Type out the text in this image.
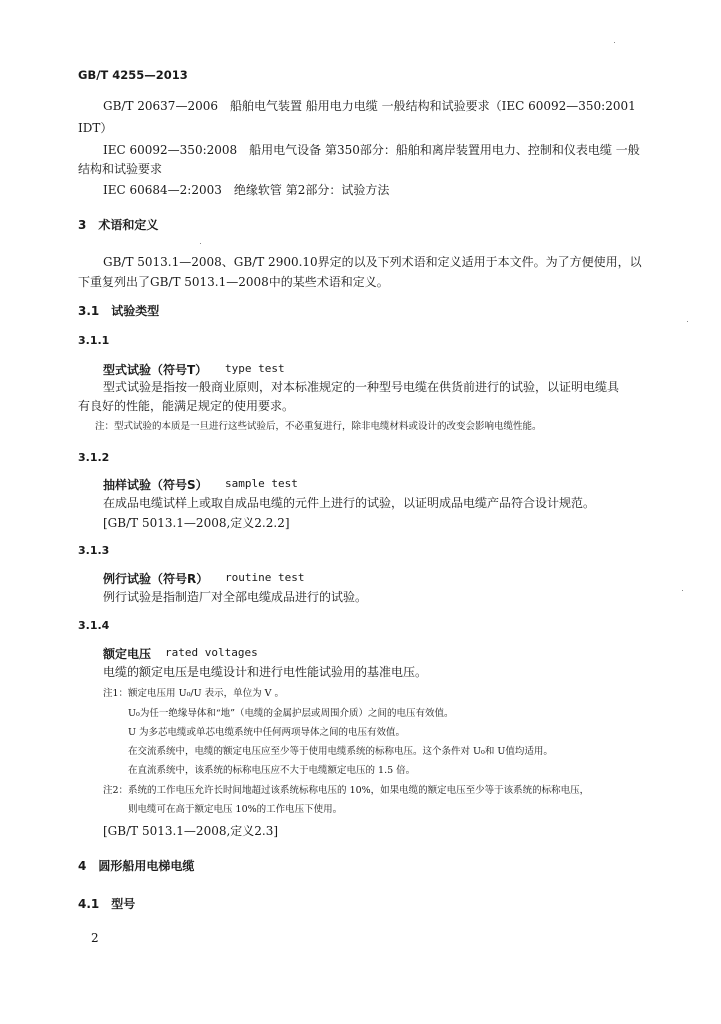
GB/T 4255—2013
GB/T 20637—2006　船舶电气装置 船用电力电缆 一般结构和试验要求（IEC 60092—350:2001
IDT）
IEC 60092—350:2008　船用电气设备 第350部分：船舶和离岸装置用电力、控制和仪表电缆 一般
结构和试验要求
IEC 60684—2:2003　绝缘软管 第2部分：试验方法
3　术语和定义
GB/T 5013.1—2008、GB/T 2900.10界定的以及下列术语和定义适用于本文件。为了方便使用，以
下重复列出了GB/T 5013.1—2008中的某些术语和定义。
3.1　试验类型
3.1.1
型式试验（符号T） type test
型式试验是指按一般商业原则，对本标准规定的一种型号电缆在供货前进行的试验，以证明电缆具
有良好的性能，能满足规定的使用要求。
注：型式试验的本质是一旦进行这些试验后，不必重复进行，除非电缆材料或设计的改变会影响电缆性能。
3.1.2
抽样试验（符号S） sample test
在成品电缆试样上或取自成品电缆的元件上进行的试验，以证明成品电缆产品符合设计规范。
[GB/T 5013.1—2008,定义2.2.2]
3.1.3
例行试验（符号R） routine test
例行试验是指制造厂对全部电缆成品进行的试验。
3.1.4
额定电压 rated voltages
电缆的额定电压是电缆设计和进行电性能试验用的基准电压。
注1：额定电压用 U₀/U 表示，单位为 V 。
U₀为任一绝缘导体和“地”（电缆的金属护层或周围介质）之间的电压有效值。
U 为多芯电缆或单芯电缆系统中任何两项导体之间的电压有效值。
在交流系统中，电缆的额定电压应至少等于使用电缆系统的标称电压。这个条件对 U₀和 U值均适用。
在直流系统中，该系统的标称电压应不大于电缆额定电压的 1.5 倍。
注2：系统的工作电压允许长时间地超过该系统标称电压的 10%，如果电缆的额定电压至少等于该系统的标称电压，
则电缆可在高于额定电压 10%的工作电压下使用。
[GB/T 5013.1—2008,定义2.3]
4　圆形船用电梯电缆
4.1　型号
2
